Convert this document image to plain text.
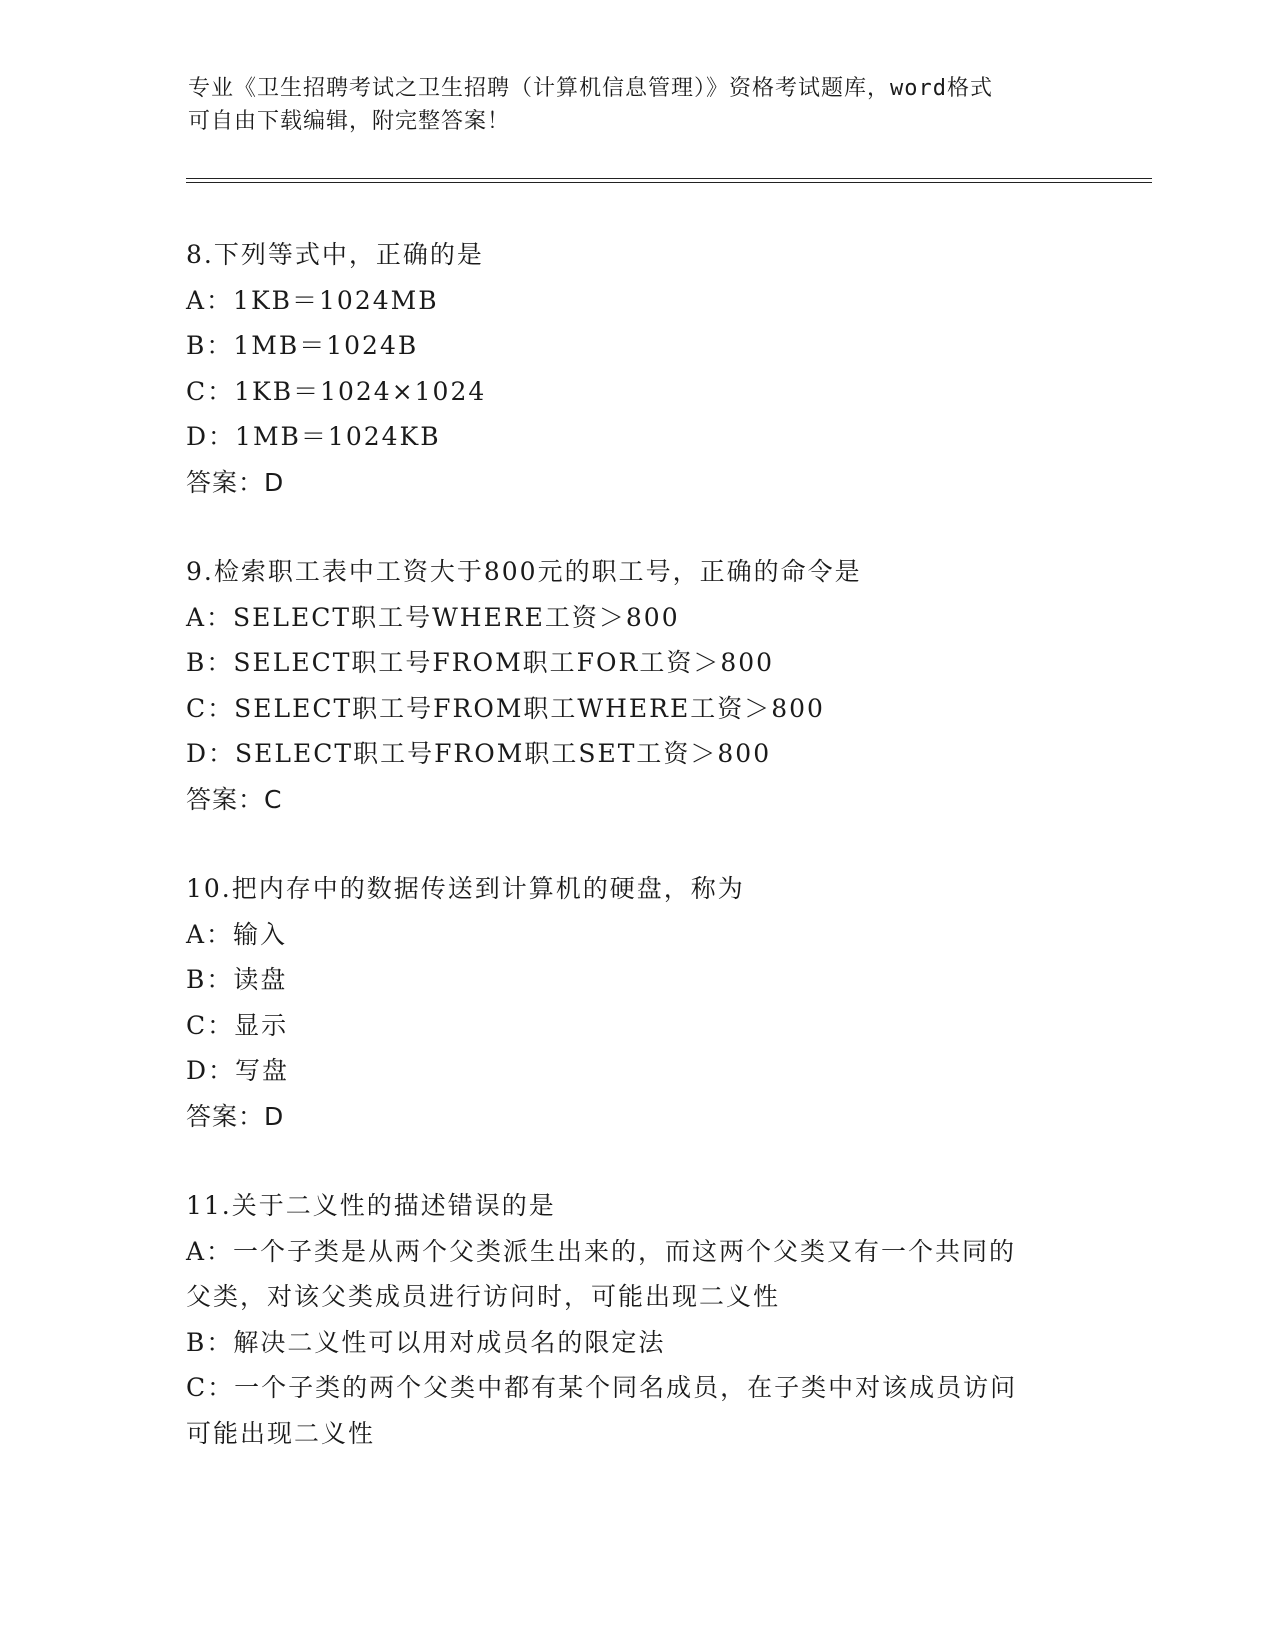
专业《卫生招聘考试之卫生招聘（计算机信息管理）》资格考试题库，word格式
可自由下载编辑，附完整答案！
8.下列等式中，正确的是
A：1KB＝1024MB
B：1MB＝1024B
C：1KB＝1024×1024
D：1MB＝1024KB
答案：D
9.检索职工表中工资大于800元的职工号，正确的命令是
A：SELECT职工号WHERE工资＞800
B：SELECT职工号FROM职工FOR工资＞800
C：SELECT职工号FROM职工WHERE工资＞800
D：SELECT职工号FROM职工SET工资＞800
答案：C
10.把内存中的数据传送到计算机的硬盘，称为
A：输入
B：读盘
C：显示
D：写盘
答案：D
11.关于二义性的描述错误的是
A：一个子类是从两个父类派生出来的，而这两个父类又有一个共同的
父类，对该父类成员进行访问时，可能出现二义性
B：解决二义性可以用对成员名的限定法
C：一个子类的两个父类中都有某个同名成员，在子类中对该成员访问
可能出现二义性
